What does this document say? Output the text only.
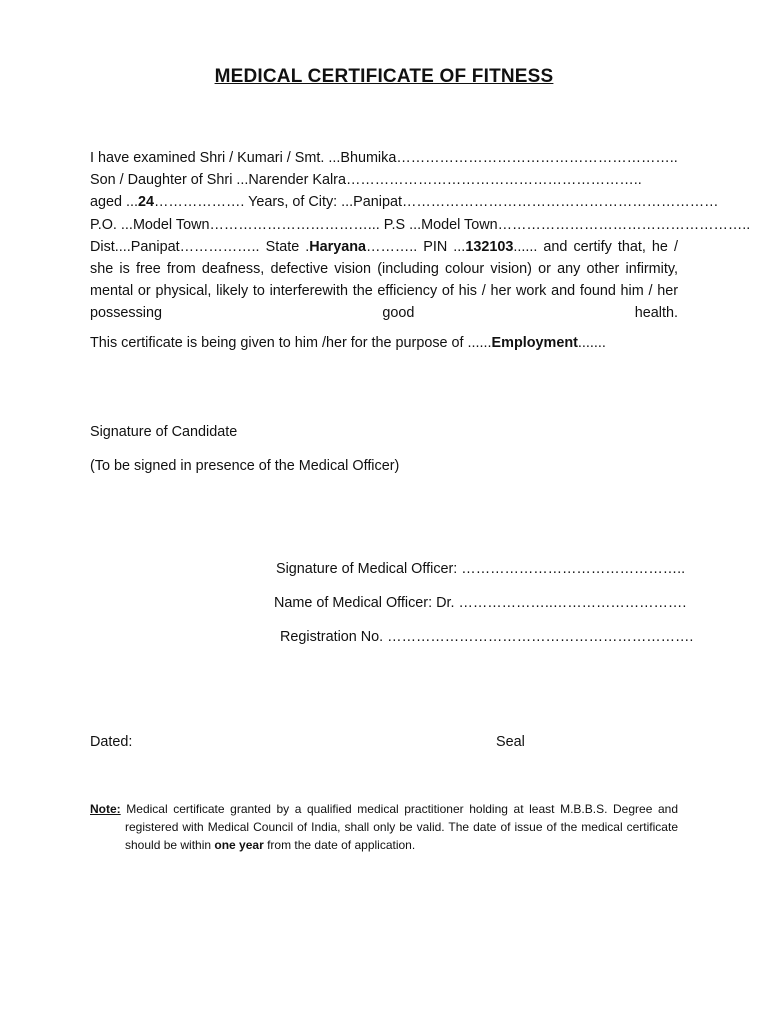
MEDICAL CERTIFICATE OF FITNESS
I have examined Shri / Kumari / Smt. ...Bhumika…………………………………………………..
Son / Daughter of Shri ...Narender Kalra……………………………………………………..
aged ...24………………. Years, of City: ...Panipat…………………………………………………………
P.O. ...Model Town……………………………... P.S ...Model Town……………………………………………..
Dist....Panipat…………….. State .Haryana……….. PIN ...132103...... and certify that, he / she is free from deafness, defective vision (including colour vision) or any other infirmity, mental or physical, likely to interferewith the efficiency of his / her work and found him / her possessing good health.
This certificate is being given to him /her for the purpose of ......Employment.......
Signature of Candidate
(To be signed in presence of the Medical Officer)
Signature of Medical Officer: ………………………………………..
Name of Medical Officer: Dr. ………………..……………………….
Registration No. ……………………………………………………….
Dated:	Seal
Note: Medical certificate granted by a qualified medical practitioner holding at least M.B.B.S. Degree and registered with Medical Council of India, shall only be valid. The date of issue of the medical certificate should be within one year from the date of application.
